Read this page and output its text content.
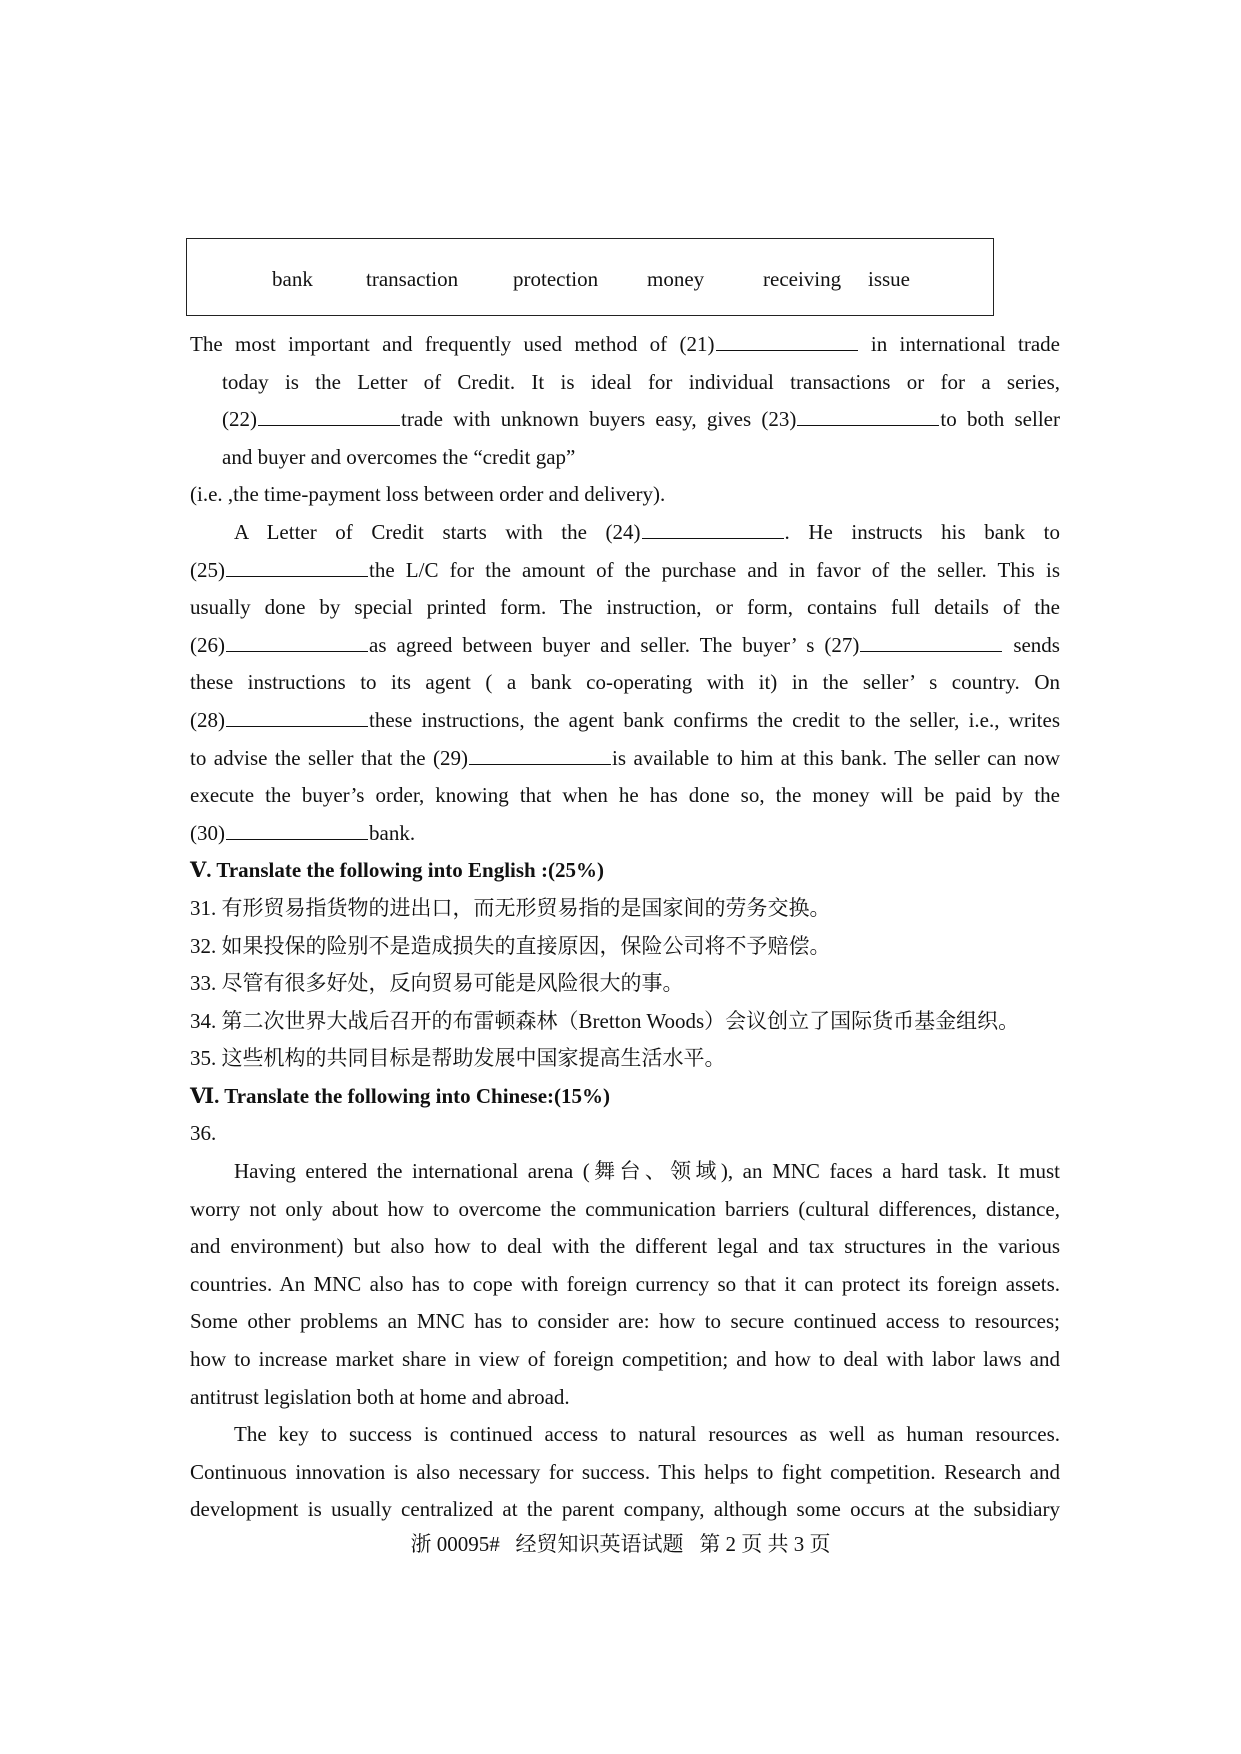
bank	transaction	protection money	receiving issue

The most important and frequently used method of (21)	in international trade

today is the Letter of Credit. It is ideal for individual transactions or for a series,

(22)	trade with unknown buyers easy, gives (23)	to both seller

and buyer and overcomes the “credit gap”

(i.e. ,the time-payment loss between order and delivery).

A Letter of Credit starts with the (24)	. He instructs his bank to

(25)	the L/C for the amount of the purchase and in favor of the seller. This is

usually done by special printed form. The instruction, or form, contains full details of the

(26)	as agreed between buyer and seller. The buyer’ s (27)	sends

these instructions to its agent ( a bank co-operating with it) in the seller’ s country. On

(28)	these instructions, the agent bank confirms the credit to the seller, i.e., writes

to advise the seller that the (29)	is available to him at this bank. The seller can now

execute the buyer’s order, knowing that when he has done so, the money will be paid by the

(30)	bank.

Ⅴ. Translate the following into English :(25%)

31. 有形贸易指货物的进出口，而无形贸易指的是国家间的劳务交换。

32. 如果投保的险别不是造成损失的直接原因，保险公司将不予赔偿。

33. 尽管有很多好处，反向贸易可能是风险很大的事。

34. 第二次世界大战后召开的布雷顿森林（Bretton Woods）会议创立了国际货币基金组织。

35. 这些机构的共同目标是帮助发展中国家提高生活水平。

Ⅵ. Translate the following into Chinese:(15%)

36.

Having entered the international arena (舞台、领域), an MNC faces a hard task. It must

worry not only about how to overcome the communication barriers (cultural differences, distance,

and environment) but also how to deal with the different legal and tax structures in the various

countries. An MNC also has to cope with foreign currency so that it can protect its foreign assets.

Some other problems an MNC has to consider are: how to secure continued access to resources;

how to increase market share in view of foreign competition; and how to deal with labor laws and

antitrust legislation both at home and abroad.

The key to success is continued access to natural resources as well as human resources.

Continuous innovation is also necessary for success. This helps to fight competition. Research and

development is usually centralized at the parent company, although some occurs at the subsidiary

浙 00095#   经贸知识英语试题   第 2 页 共 3 页
